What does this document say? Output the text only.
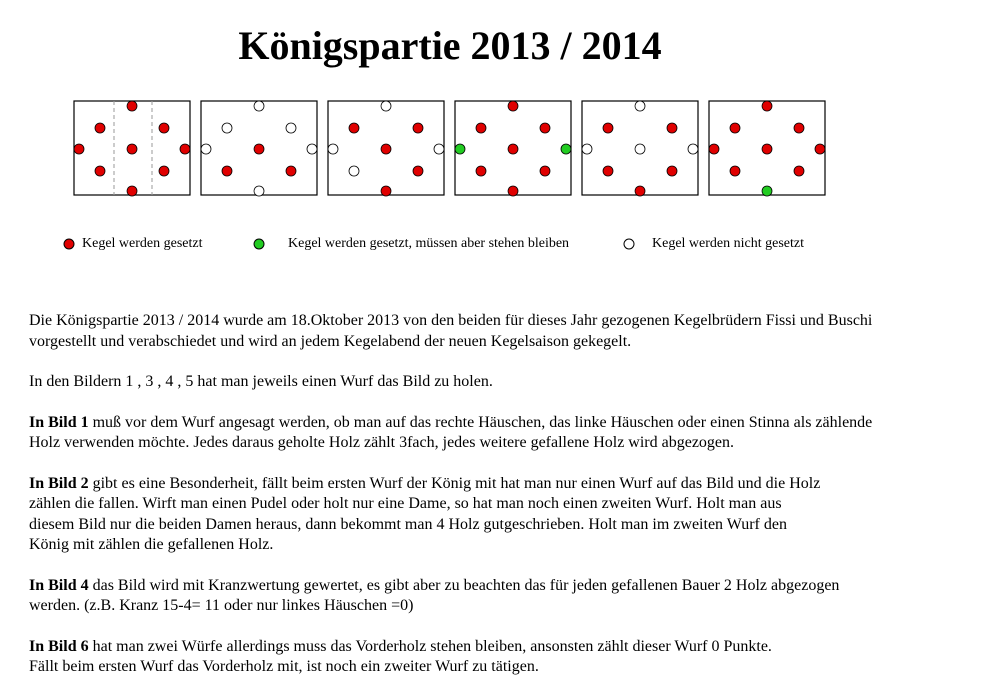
Königspartie 2013 / 2014
Kegel werden gesetzt	Kegel werden gesetzt, müssen aber stehen bleiben	Kegel werden nicht gesetzt

Die Königspartie 2013 / 2014 wurde am 18.Oktober 2013 von den beiden für dieses Jahr gezogenen Kegelbrüdern Fissi und Buschi
vorgestellt und verabschiedet und wird an jedem Kegelabend der neuen Kegelsaison gekegelt.

In den Bildern 1 , 3 , 4 , 5 hat man jeweils einen Wurf das Bild zu holen.

In Bild 1 muß vor dem Wurf angesagt werden, ob man auf das rechte Häuschen, das linke Häuschen oder einen Stinna als zählende
Holz verwenden möchte. Jedes daraus geholte Holz zählt 3fach, jedes weitere gefallene Holz wird abgezogen.

In Bild 2 gibt es eine Besonderheit, fällt beim ersten Wurf der König mit hat man nur einen Wurf auf das Bild und die Holz
zählen die fallen. Wirft man einen Pudel oder holt nur eine Dame, so hat man noch einen zweiten Wurf. Holt man aus
diesem Bild nur die beiden Damen heraus, dann bekommt man 4 Holz gutgeschrieben. Holt man im zweiten Wurf den
König mit zählen die gefallenen Holz.

In Bild 4 das Bild wird mit Kranzwertung gewertet, es gibt aber zu beachten das für jeden gefallenen Bauer 2 Holz abgezogen
werden. (z.B. Kranz 15-4= 11 oder nur linkes Häuschen =0)

In Bild 6 hat man zwei Würfe allerdings muss das Vorderholz stehen bleiben, ansonsten zählt dieser Wurf 0 Punkte.
Fällt beim ersten Wurf das Vorderholz mit, ist noch ein zweiter Wurf zu tätigen.
